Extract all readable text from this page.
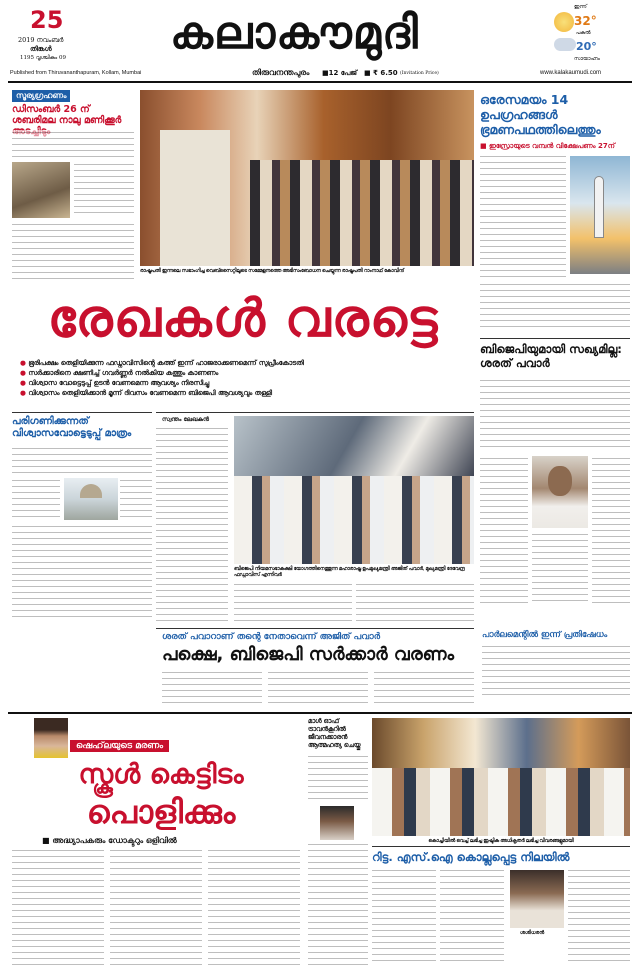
25
2019 നവംബർ
തിങ്കൾ
1195 വൃശ്ചികം 09 കലാകൗമുദി	ഇന്ന്
32°
പകൽ
20°
സായാഹ്നം
Published from Thiruvananthapuram, Kollam, Mumbai	തിരുവനന്തപുരം ■12 പേജ് ■ ₹ 6.50 (Invitation Price)	www.kalakaumudi.com
സൂര്യഗ്രഹണം
ഡിസംബർ 26 ന് ശബരിമല നാലു മണിക്കൂർ
രാഷ്ട്രപതി ഇന്നലെ സഭാംഗിച്ച വെബ്സൈറ്റിലൂടെ സമ്മേളനത്തെ അഭിസംബോധന ചെയ്യുന്ന രാഷ്ട്രപതി റാംനാഥ് കോവിന്ദ്
ഒരേസമയം 14 ഉപഗ്രഹങ്ങൾ ഭ്രമണപഥത്തിലെത്തും
■ ഇസ്രോയുടെ വമ്പൻ വിക്ഷേപണം 27ന്
രേഖകൾ വരട്ടെ
● ഭൂരിപക്ഷം തെളിയിക്കുന്ന ഫഡ്നാവിസിന്റെ കത്ത് ഇന്ന് ഹാജരാക്കണമെന്ന് സുപ്രീംകോടതി
● സർക്കാരിനെ ക്ഷണിച്ച് ഗവർണ്ണർ നൽകിയ കത്തും കാണണം
● വിശ്വാസ വോട്ടെടുപ്പ് ഉടൻ വേണമെന്ന ആവശ്യം നിരസിച്ചു
● വിശ്വാസം തെളിയിക്കാൻ മൂന്ന് ദിവസം വേണമെന്ന ബിജെപി ആവശ്യവും തള്ളി
ബിജെപിയുമായി സഖ്യമില്ല: ശരത് പവാർ
പരിഗണിക്കുന്നത് വിശ്വാസവോട്ടെടുപ്പ് മാത്രം
സ്വന്തം ലേഖകൻ
ബിജെപി നിയമസഭാകക്ഷി യോഗത്തിനെത്തുന്ന മഹാരാഷ്ട്ര ഉപമുഖ്യമന്ത്രി അജിത് പവാർ, മുഖ്യമന്ത്രി ദേവേന്ദ്ര ഫഡ്നാവിസ് എന്നിവർ
പാർലമെന്റിൽ ഇന്ന് പ്രതിഷേധം
ശരത് പവാറാണ് തന്റെ നേതാവെന്ന് അജിത് പവാർ
പക്ഷെ, ബിജെപി സർക്കാർ വരണം
ഷെഹ്‌ലയുടെ മരണം
സ്കൂൾ കെട്ടിടം
പൊളിക്കും
■ അദ്ധ്യാപകരും ഡോക്ടറും ഒളിവിൽ
മാൾ ഓഫ് ട്രാവൻകൂറിൽ ജീവനക്കാരൻ ആത്മഹത്യ ചെയ്തു
കൊച്ചിയിൽ വെച്ച് ലഭിച്ച ഇഷ്ടിക അധികൃതർ ലഭിച്ച വിവരങ്ങളുമായി
റിട്ട. എസ്.ഐ കൊല്ലപ്പെട്ട നിലയിൽ
ശശിധരൻ
